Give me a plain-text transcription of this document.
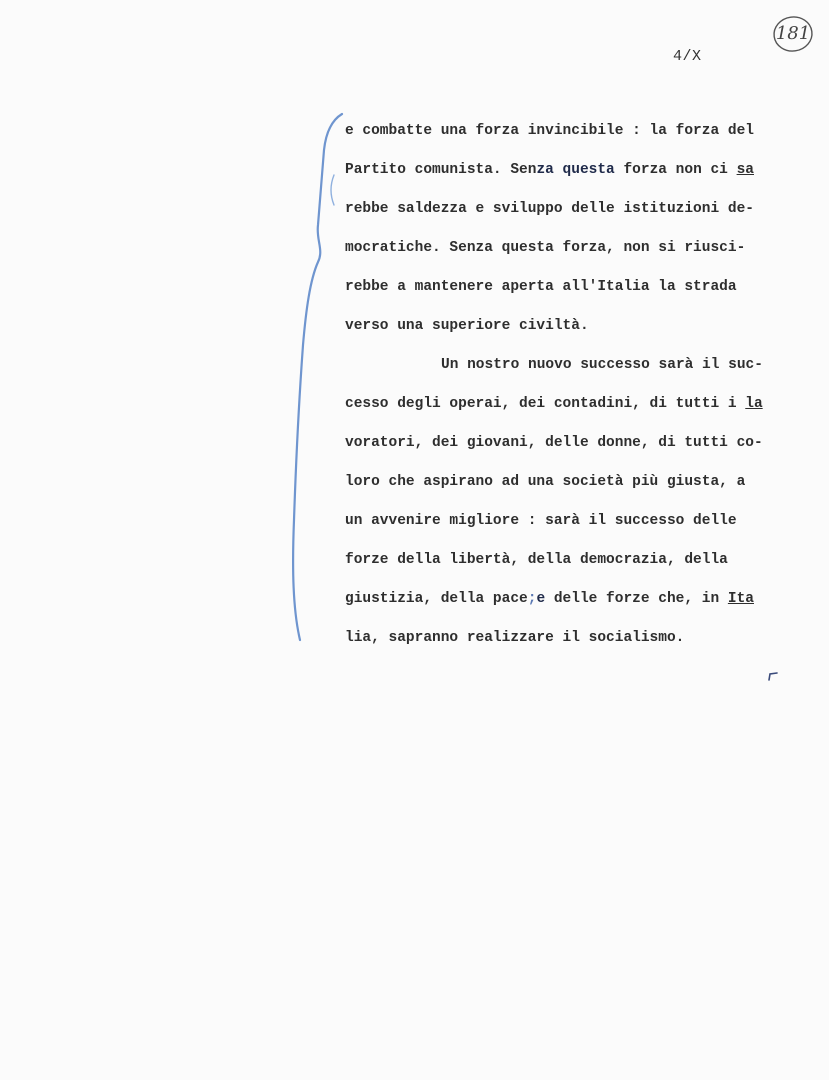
181
4/X
e combatte una forza invincibile : la forza del
Partito comunista. Senza questa forza non ci sa
rebbe saldezza e sviluppo delle istituzioni de-
mocratiche. Senza questa forza, non si riusci-
rebbe a mantenere aperta all'Italia la strada
verso una superiore civiltà.
Un nostro nuovo successo sarà il suc-
cesso degli operai, dei contadini, di tutti i la
voratori, dei giovani, delle donne, di tutti co-
loro che aspirano ad una società più giusta, a
un avvenire migliore : sarà il successo delle
forze della libertà, della democrazia, della
giustizia, della pace;e delle forze che, in Ita
lia, sapranno realizzare il socialismo.
